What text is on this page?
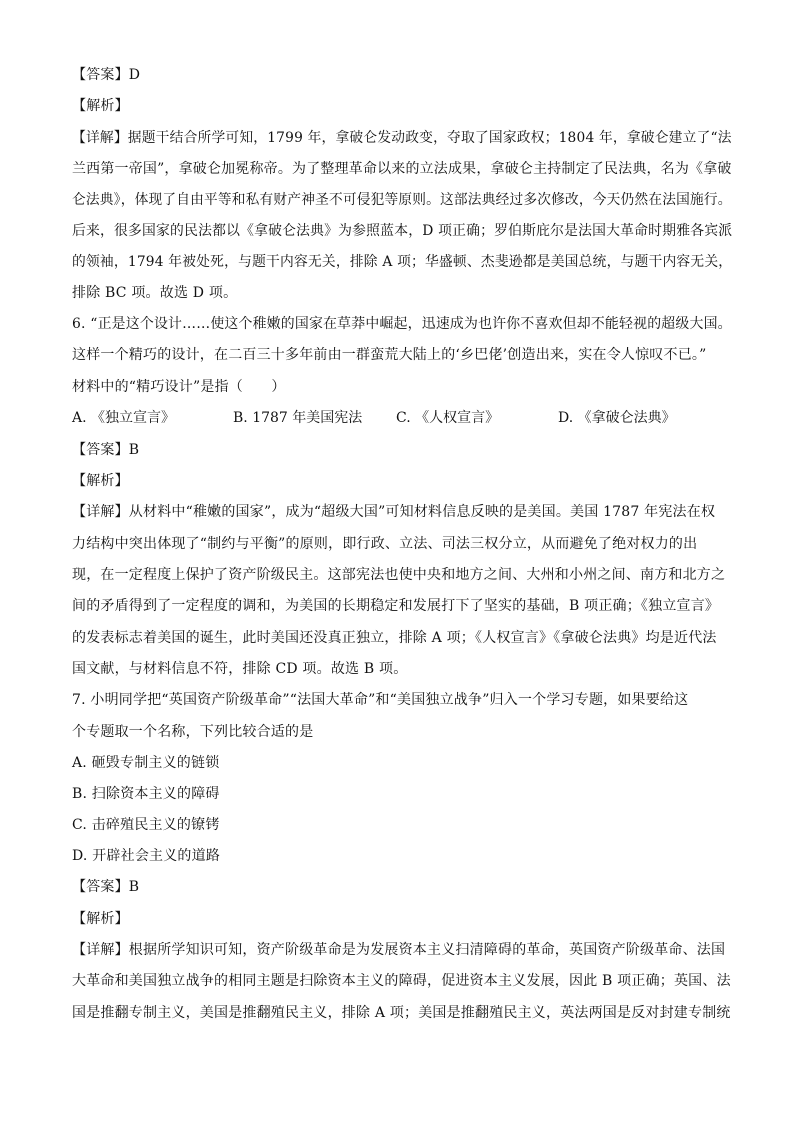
【答案】D
【解析】
【详解】据题干结合所学可知，1799 年，拿破仑发动政变，夺取了国家政权；1804 年，拿破仑建立了“法
兰西第一帝国”，拿破仑加冕称帝。为了整理革命以来的立法成果，拿破仑主持制定了民法典，名为《拿破
仑法典》，体现了自由平等和私有财产神圣不可侵犯等原则。这部法典经过多次修改，今天仍然在法国施行。
后来，很多国家的民法都以《拿破仑法典》为参照蓝本，D 项正确；罗伯斯庇尔是法国大革命时期雅各宾派
的领袖，1794 年被处死，与题干内容无关，排除 A 项；华盛顿、杰斐逊都是美国总统，与题干内容无关，
排除 BC 项。故选 D 项。
6. “正是这个设计……使这个稚嫩的国家在草莽中崛起，迅速成为也许你不喜欢但却不能轻视的超级大国。
这样一个精巧的设计，在二百三十多年前由一群蛮荒大陆上的‘乡巴佬’创造出来，实在令人惊叹不已。”
材料中的“精巧设计”是指（　　）
A. 《独立宣言》	B. 1787 年美国宪法 C. 《人权宣言》	D. 《拿破仑法典》
【答案】B
【解析】
【详解】从材料中“稚嫩的国家”，成为“超级大国”可知材料信息反映的是美国。美国 1787 年宪法在权
力结构中突出体现了“制约与平衡”的原则，即行政、立法、司法三权分立，从而避免了绝对权力的出
现，在一定程度上保护了资产阶级民主。这部宪法也使中央和地方之间、大州和小州之间、南方和北方之
间的矛盾得到了一定程度的调和，为美国的长期稳定和发展打下了坚实的基础，B 项正确；《独立宣言》
的发表标志着美国的诞生，此时美国还没真正独立，排除 A 项；《人权宣言》《拿破仑法典》均是近代法
国文献，与材料信息不符，排除 CD 项。故选 B 项。
7. 小明同学把“英国资产阶级革命”“法国大革命”和“美国独立战争”归入一个学习专题，如果要给这
个专题取一个名称，下列比较合适的是
A. 砸毁专制主义的链锁
B. 扫除资本主义的障碍
C. 击碎殖民主义的镣铐
D. 开辟社会主义的道路
【答案】B
【解析】
【详解】根据所学知识可知，资产阶级革命是为发展资本主义扫清障碍的革命，英国资产阶级革命、法国
大革命和美国独立战争的相同主题是扫除资本主义的障碍，促进资本主义发展，因此 B 项正确；英国、法
国是推翻专制主义，美国是推翻殖民主义，排除 A 项；美国是推翻殖民主义，英法两国是反对封建专制统
